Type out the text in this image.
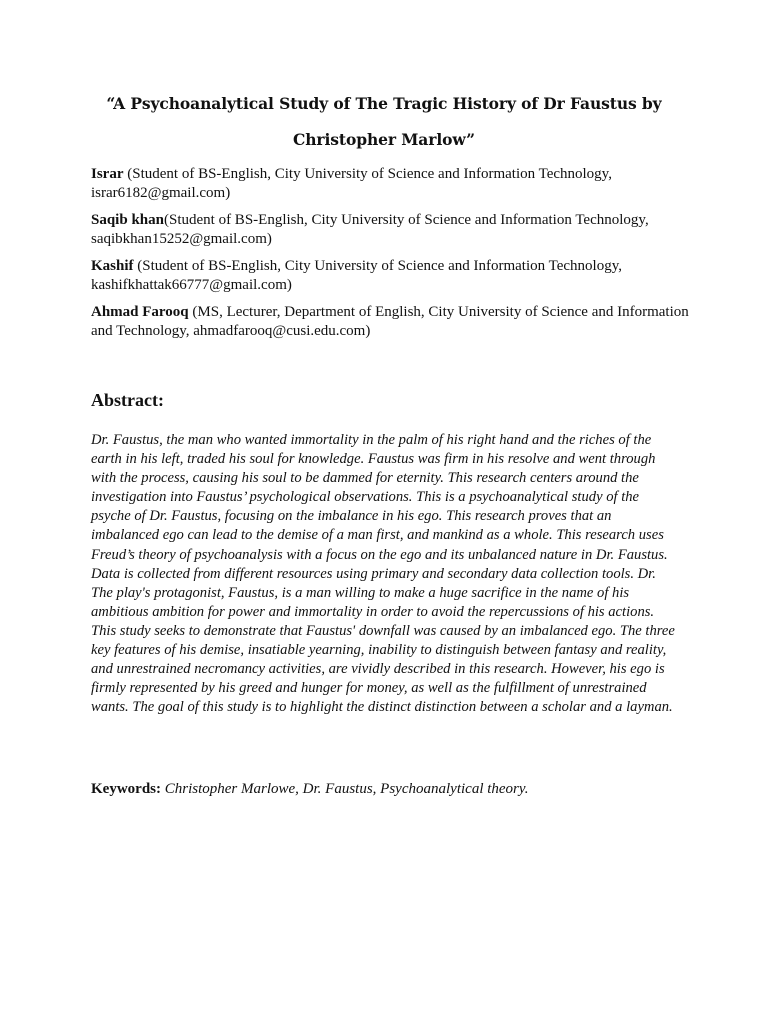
“A Psychoanalytical Study of The Tragic History of Dr Faustus by Christopher Marlow”
Israr (Student of BS-English, City University of Science and Information Technology, israr6182@gmail.com)
Saqib khan(Student of BS-English, City University of Science and Information Technology, saqibkhan15252@gmail.com)
Kashif (Student of BS-English, City University of Science and Information Technology, kashifkhattak66777@gmail.com)
Ahmad Farooq (MS, Lecturer, Department of English, City University of Science and Information and Technology, ahmadfarooq@cusi.edu.com)
Abstract:
Dr. Faustus, the man who wanted immortality in the palm of his right hand and the riches of the earth in his left, traded his soul for knowledge. Faustus was firm in his resolve and went through with the process, causing his soul to be dammed for eternity. This research centers around the investigation into Faustus’ psychological observations. This is a psychoanalytical study of the psyche of Dr. Faustus, focusing on the imbalance in his ego. This research proves that an imbalanced ego can lead to the demise of a man first, and mankind as a whole. This research uses Freud’s theory of psychoanalysis with a focus on the ego and its unbalanced nature in Dr. Faustus. Data is collected from different resources using primary and secondary data collection tools. Dr. The play's protagonist, Faustus, is a man willing to make a huge sacrifice in the name of his ambitious ambition for power and immortality in order to avoid the repercussions of his actions. This study seeks to demonstrate that Faustus' downfall was caused by an imbalanced ego. The three key features of his demise, insatiable yearning, inability to distinguish between fantasy and reality, and unrestrained necromancy activities, are vividly described in this research. However, his ego is firmly represented by his greed and hunger for money, as well as the fulfillment of unrestrained wants. The goal of this study is to highlight the distinct distinction between a scholar and a layman.
Keywords: Christopher Marlowe, Dr. Faustus, Psychoanalytical theory.
